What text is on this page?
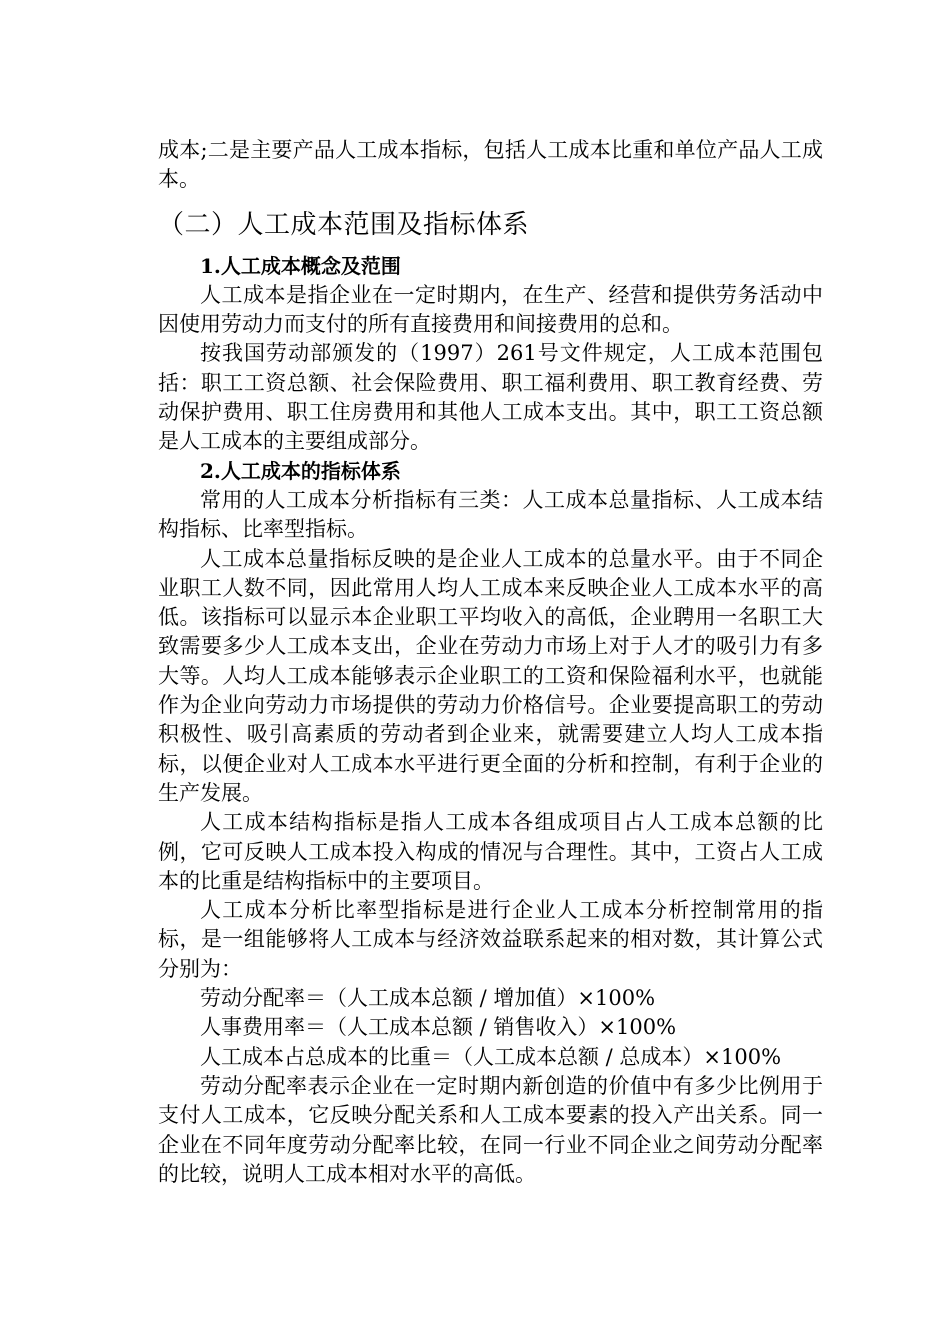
成本;二是主要产品人工成本指标，包括人工成本比重和单位产品人工成本。

（二）人工成本范围及指标体系
1.人工成本概念及范围

人工成本是指企业在一定时期内，在生产、经营和提供劳务活动中因使用劳动力而支付的所有直接费用和间接费用的总和。

按我国劳动部颁发的（1997）261号文件规定，人工成本范围包括：职工工资总额、社会保险费用、职工福利费用、职工教育经费、劳动保护费用、职工住房费用和其他人工成本支出。其中，职工工资总额是人工成本的主要组成部分。

2.人工成本的指标体系

常用的人工成本分析指标有三类：人工成本总量指标、人工成本结构指标、比率型指标。

人工成本总量指标反映的是企业人工成本的总量水平。由于不同企业职工人数不同，因此常用人均人工成本来反映企业人工成本水平的高低。该指标可以显示本企业职工平均收入的高低，企业聘用一名职工大致需要多少人工成本支出，企业在劳动力市场上对于人才的吸引力有多大等。人均人工成本能够表示企业职工的工资和保险福利水平，也就能作为企业向劳动力市场提供的劳动力价格信号。企业要提高职工的劳动积极性、吸引高素质的劳动者到企业来，就需要建立人均人工成本指标，以便企业对人工成本水平进行更全面的分析和控制，有利于企业的生产发展。

人工成本结构指标是指人工成本各组成项目占人工成本总额的比例，它可反映人工成本投入构成的情况与合理性。其中，工资占人工成本的比重是结构指标中的主要项目。

人工成本分析比率型指标是进行企业人工成本分析控制常用的指标，是一组能够将人工成本与经济效益联系起来的相对数，其计算公式分别为：

劳动分配率＝（人工成本总额 / 增加值）×100%
人事费用率＝（人工成本总额 / 销售收入）×100%
人工成本占总成本的比重＝（人工成本总额 / 总成本）×100%

劳动分配率表示企业在一定时期内新创造的价值中有多少比例用于支付人工成本，它反映分配关系和人工成本要素的投入产出关系。同一企业在不同年度劳动分配率比较，在同一行业不同企业之间劳动分配率的比较，说明人工成本相对水平的高低。
